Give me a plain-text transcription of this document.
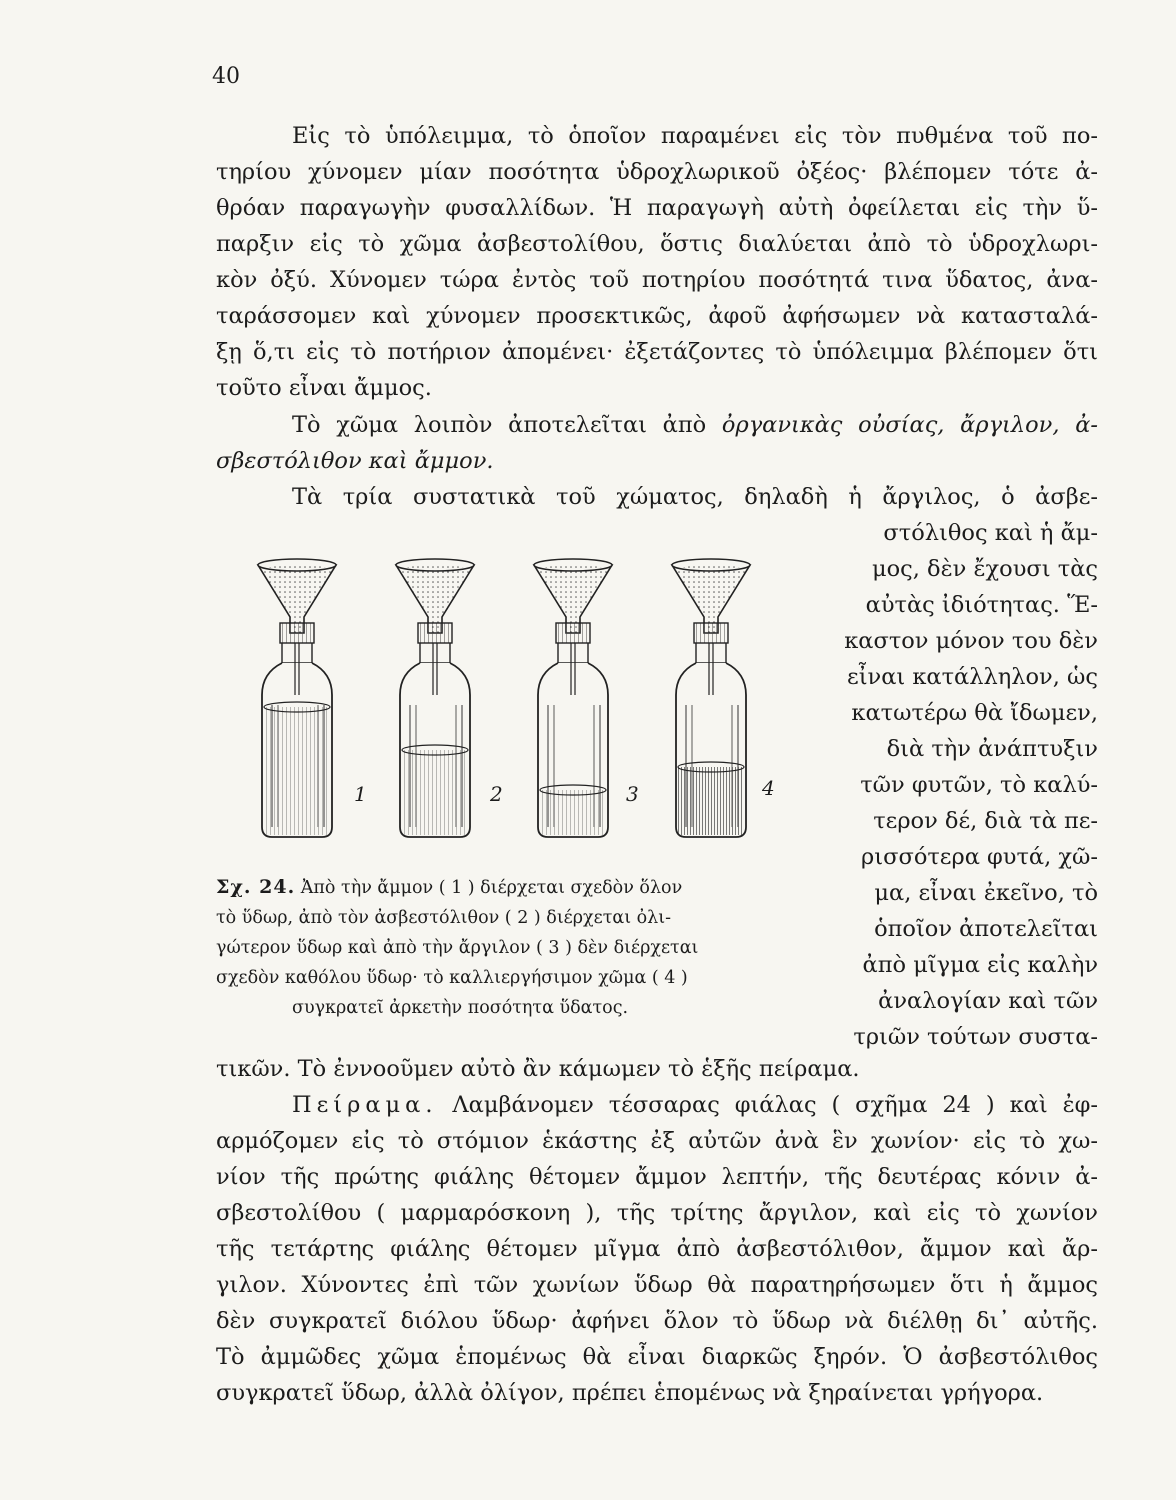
40
Εἰς τὸ ὑπόλειμμα, τὸ ὁποῖον παραμένει εἰς τὸν πυθμένα τοῦ πο-
τηρίου χύνομεν μίαν ποσότητα ὑδροχλωρικοῦ ὀξέος· βλέπομεν τότε ἀ-
θρόαν παραγωγὴν φυσαλλίδων. Ἡ παραγωγὴ αὐτὴ ὀφείλεται εἰς τὴν ὕ-
παρξιν εἰς τὸ χῶμα ἀσβεστολίθου, ὅστις διαλύεται ἀπὸ τὸ ὑδροχλωρι-
κὸν ὀξύ. Χύνομεν τώρα ἐντὸς τοῦ ποτηρίου ποσότητά τινα ὕδατος, ἀνα-
ταράσσομεν καὶ χύνομεν προσεκτικῶς, ἀφοῦ ἀφήσωμεν νὰ κατασταλά-
ξῃ ὅ,τι εἰς τὸ ποτήριον ἀπομένει· ἐξετάζοντες τὸ ὑπόλειμμα βλέπομεν ὅτι
τοῦτο εἶναι ἄμμος.
Τὸ χῶμα λοιπὸν ἀποτελεῖται ἀπὸ ὀργανικὰς οὐσίας, ἄργιλον, ἀ-
σβεστόλιθον καὶ ἄμμον.
Τὰ τρία συστατικὰ τοῦ χώματος, δηλαδὴ ἡ ἄργιλος, ὁ ἀσβε-
στόλιθος καὶ ἡ ἄμ-
μος, δὲν ἔχουσι τὰς
αὐτὰς ἰδιότητας. Ἕ-
καστον μόνον του δὲν
εἶναι κατάλληλον, ὡς
κατωτέρω θὰ ἴδωμεν,
διὰ τὴν ἀνάπτυξιν
τῶν φυτῶν, τὸ καλύ-
τερον δέ, διὰ τὰ πε-
ρισσότερα φυτά, χῶ-
μα, εἶναι ἐκεῖνο, τὸ
ὁποῖον ἀποτελεῖται
ἀπὸ μῖγμα εἰς καλὴν
ἀναλογίαν καὶ τῶν
τριῶν τούτων συστα-
1	2	3	4
Σχ. 24. Ἀπὸ τὴν ἄμμον ( 1 ) διέρχεται σχεδὸν ὅλον
τὸ ὕδωρ, ἀπὸ τὸν ἀσβεστόλιθον ( 2 ) διέρχεται ὀλι-
γώτερον ὕδωρ καὶ ἀπὸ τὴν ἄργιλον ( 3 ) δὲν διέρχεται
σχεδὸν καθόλου ὕδωρ· τὸ καλλιεργήσιμον χῶμα ( 4 )
συγκρατεῖ ἀρκετὴν ποσότητα ὕδατος.
τικῶν. Τὸ ἐννοοῦμεν αὐτὸ ἂν κάμωμεν τὸ ἑξῆς πείραμα.
Πείραμα. Λαμβάνομεν τέσσαρας φιάλας ( σχῆμα 24 ) καὶ ἐφ-
αρμόζομεν εἰς τὸ στόμιον ἑκάστης ἐξ αὐτῶν ἀνὰ ἓν χωνίον· εἰς τὸ χω-
νίον τῆς πρώτης φιάλης θέτομεν ἄμμον λεπτήν, τῆς δευτέρας κόνιν ἀ-
σβεστολίθου ( μαρμαρόσκονη ), τῆς τρίτης ἄργιλον, καὶ εἰς τὸ χωνίον
τῆς τετάρτης φιάλης θέτομεν μῖγμα ἀπὸ ἀσβεστόλιθον, ἄμμον καὶ ἄρ-
γιλον. Χύνοντες ἐπὶ τῶν χωνίων ὕδωρ θὰ παρατηρήσωμεν ὅτι ἡ ἄμμος
δὲν συγκρατεῖ διόλου ὕδωρ· ἀφήνει ὅλον τὸ ὕδωρ νὰ διέλθῃ δι᾽ αὐτῆς.
Τὸ ἀμμῶδες χῶμα ἑπομένως θὰ εἶναι διαρκῶς ξηρόν. Ὁ ἀσβεστόλιθος
συγκρατεῖ ὕδωρ, ἀλλὰ ὀλίγον, πρέπει ἑπομένως νὰ ξηραίνεται γρήγορα.
